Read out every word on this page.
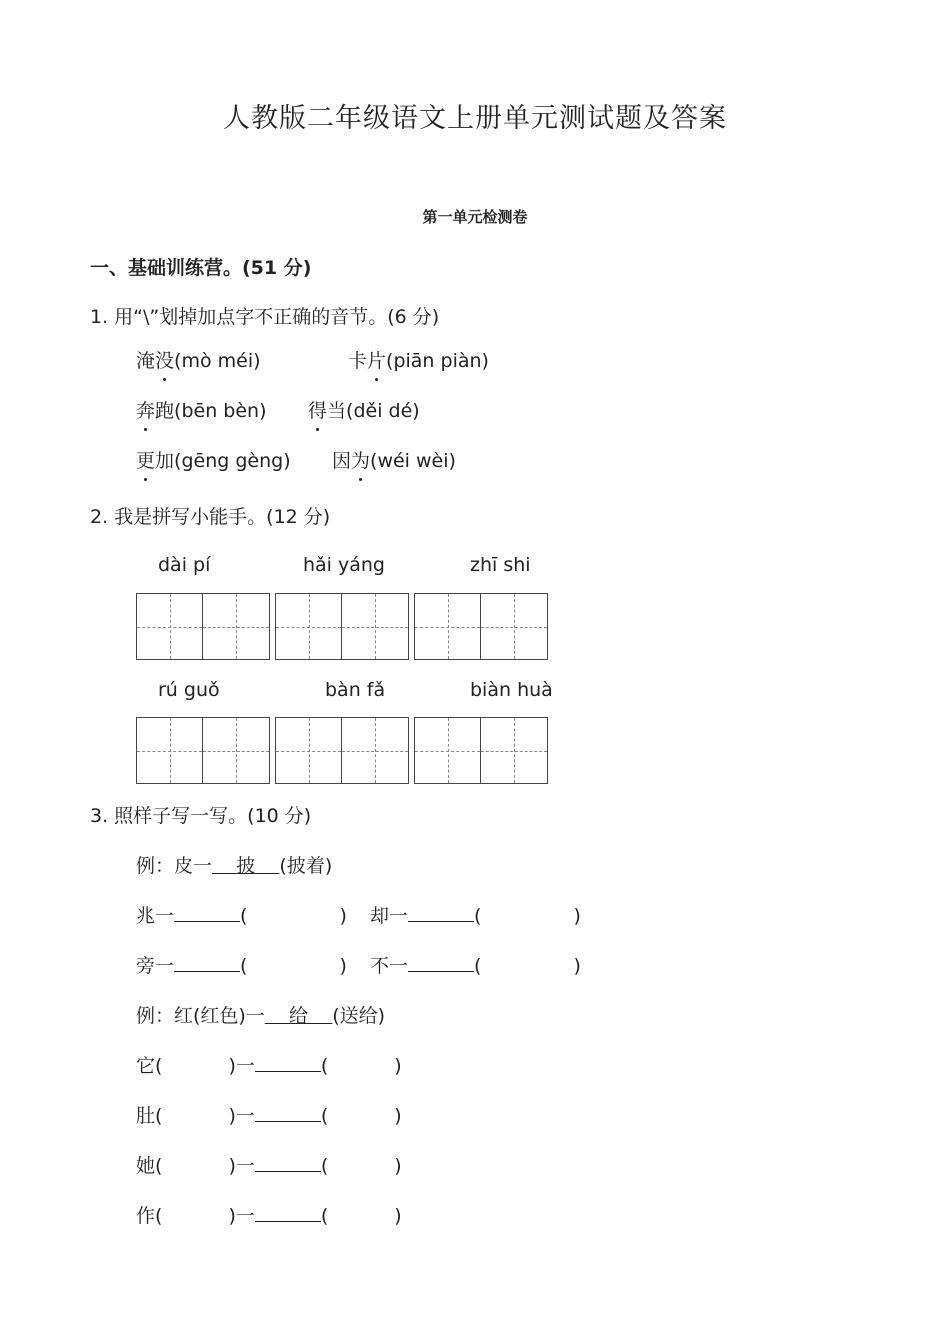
人教版二年级语文上册单元测试题及答案
第一单元检测卷
一、基础训练营。(51 分)
1. 用“\”划掉加点字不正确的音节。(6 分)
淹没(mò méi)	卡片(piān piàn)
奔跑(bēn bèn) 得当(děi dé)
更加(gēng gèng) 因为(wéi wèi)
2. 我是拼写小能手。(12 分)
dài pí	hǎi yáng	zhī shi
rú guǒ	bàn fǎ	biàn huà
3. 照样子写一写。(10 分)
例：皮一   披   (披着)
兆一	(	) 却一	(	)
旁一	(	) 不一	(	)
例：红(红色)一   给   (送给)
它(	)一	(	)
肚(	)一	(	)
她(	)一	(	)
作(	)一	(	)
